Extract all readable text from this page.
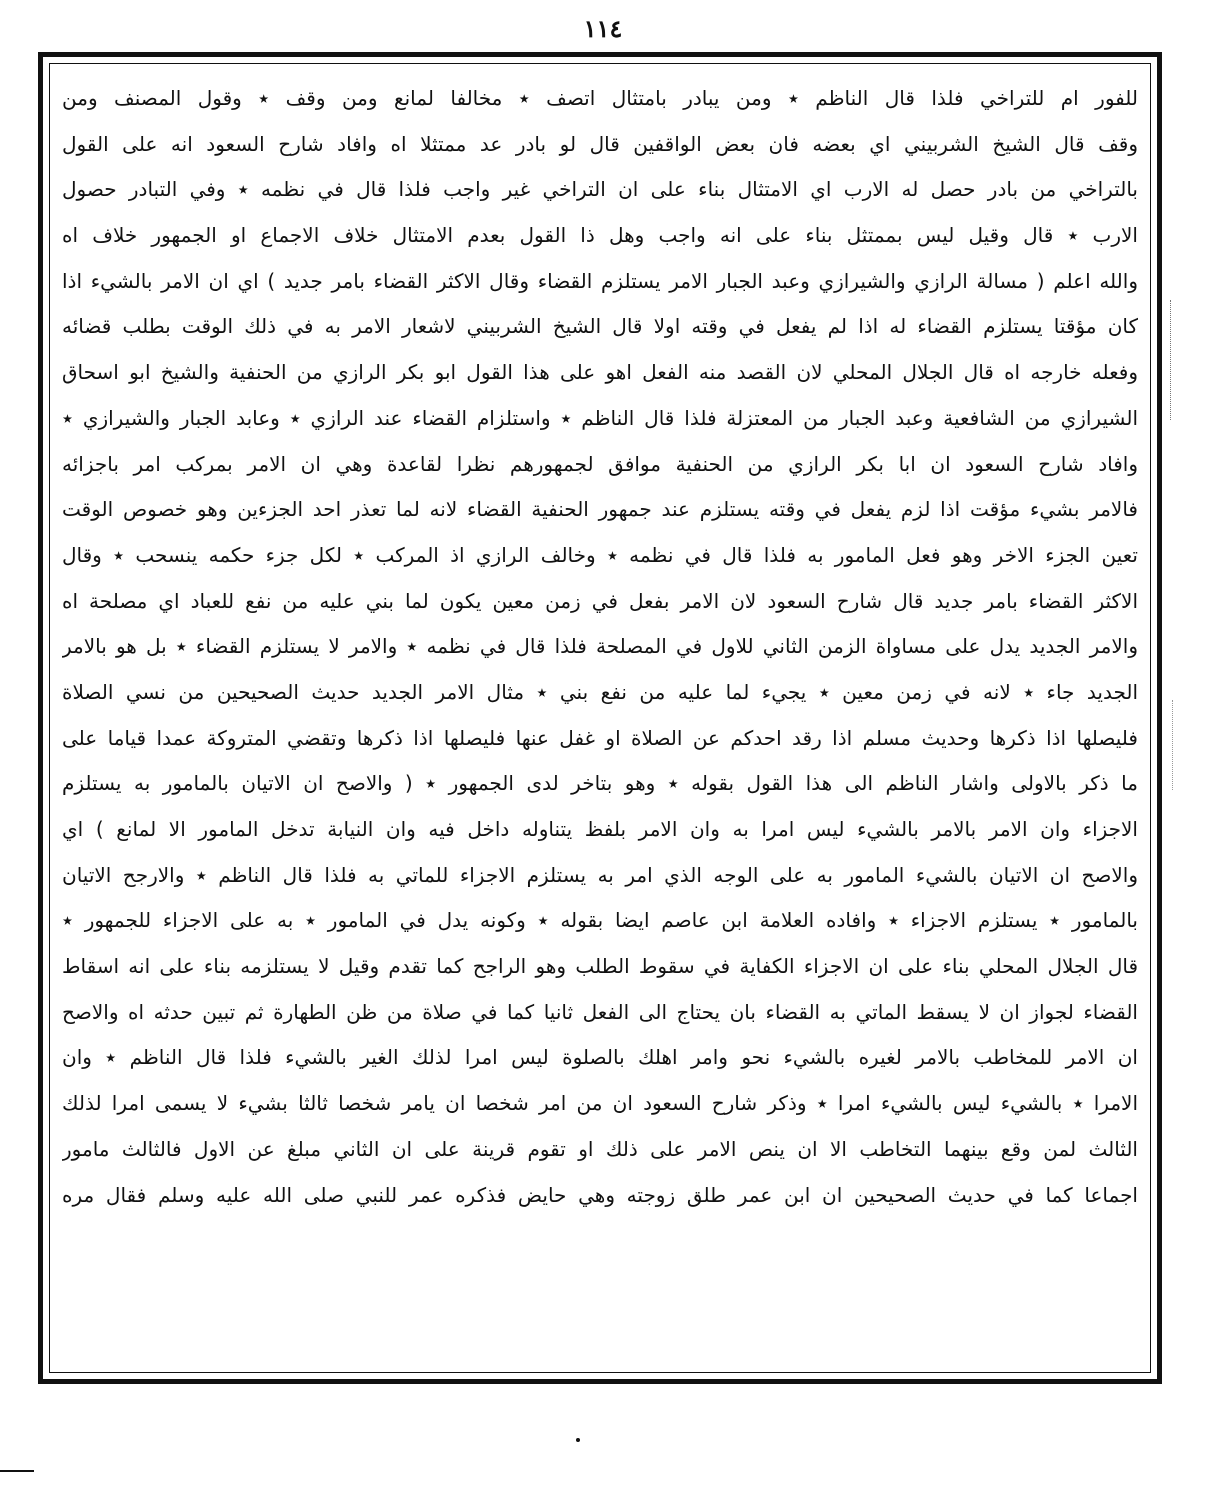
١١٤
للفور ام للتراخي فلذا قال الناظم ٭ ومن يبادر بامتثال اتصف ٭ مخالفا لمانع ومن وقف ٭ وقول المصنف ومن
وقف قال الشيخ الشربيني اي بعضه فان بعض الواقفين قال لو بادر عد ممتثلا اه وافاد شارح السعود انه على القول
بالتراخي من بادر حصل له الارب اي الامتثال بناء على ان التراخي غير واجب فلذا قال في نظمه ٭ وفي التبادر حصول
الارب ٭ قال وقيل ليس بممتثل بناء على انه واجب وهل ذا القول بعدم الامتثال خلاف الاجماع او الجمهور خلاف اه
والله اعلم ( مسالة الرازي والشيرازي وعبد الجبار الامر يستلزم القضاء وقال الاكثر القضاء بامر جديد ) اي ان الامر بالشيء اذا
كان مؤقتا يستلزم القضاء له اذا لم يفعل في وقته اولا قال الشيخ الشربيني لاشعار الامر به في ذلك الوقت بطلب قضائه
وفعله خارجه اه قال الجلال المحلي لان القصد منه الفعل اهو على هذا القول ابو بكر الرازي من الحنفية والشيخ ابو اسحاق
الشيرازي من الشافعية وعبد الجبار من المعتزلة فلذا قال الناظم ٭ واستلزام القضاء عند الرازي ٭ وعابد الجبار والشيرازي ٭
وافاد شارح السعود ان ابا بكر الرازي من الحنفية موافق لجمهورهم نظرا لقاعدة وهي ان الامر بمركب امر باجزائه
فالامر بشيء مؤقت اذا لزم يفعل في وقته يستلزم عند جمهور الحنفية القضاء لانه لما تعذر احد الجزءين وهو خصوص الوقت
تعين الجزء الاخر وهو فعل المامور به فلذا قال في نظمه ٭ وخالف الرازي اذ المركب ٭ لكل جزء حكمه ينسحب ٭ وقال
الاكثر القضاء بامر جديد قال شارح السعود لان الامر بفعل في زمن معين يكون لما بني عليه من نفع للعباد اي مصلحة اه
والامر الجديد يدل على مساواة الزمن الثاني للاول في المصلحة فلذا قال في نظمه ٭ والامر لا يستلزم القضاء ٭ بل هو بالامر
الجديد جاء ٭ لانه في زمن معين ٭ يجيء لما عليه من نفع بني ٭ مثال الامر الجديد حديث الصحيحين من نسي الصلاة
فليصلها اذا ذكرها وحديث مسلم اذا رقد احدكم عن الصلاة او غفل عنها فليصلها اذا ذكرها وتقضي المتروكة عمدا قياما على
ما ذكر بالاولى واشار الناظم الى هذا القول بقوله ٭ وهو بتاخر لدى الجمهور ٭ ( والاصح ان الاتيان بالمامور به يستلزم
الاجزاء وان الامر بالامر بالشيء ليس امرا به وان الامر بلفظ يتناوله داخل فيه وان النيابة تدخل المامور الا لمانع ) اي
والاصح ان الاتيان بالشيء المامور به على الوجه الذي امر به يستلزم الاجزاء للماتي به فلذا قال الناظم ٭ والارجح الاتيان
بالمامور ٭ يستلزم الاجزاء ٭ وافاده العلامة ابن عاصم ايضا بقوله ٭ وكونه يدل في المامور ٭ به على الاجزاء للجمهور ٭
قال الجلال المحلي بناء على ان الاجزاء الكفاية في سقوط الطلب وهو الراجح كما تقدم وقيل لا يستلزمه بناء على انه اسقاط
القضاء لجواز ان لا يسقط الماتي به القضاء بان يحتاج الى الفعل ثانيا كما في صلاة من ظن الطهارة ثم تبين حدثه اه والاصح
ان الامر للمخاطب بالامر لغيره بالشيء نحو وامر اهلك بالصلوة ليس امرا لذلك الغير بالشيء فلذا قال الناظم ٭ وان
الامرا ٭ بالشيء ليس بالشيء امرا ٭ وذكر شارح السعود ان من امر شخصا ان يامر شخصا ثالثا بشيء لا يسمى امرا لذلك
الثالث لمن وقع بينهما التخاطب الا ان ينص الامر على ذلك او تقوم قرينة على ان الثاني مبلغ عن الاول فالثالث مامور
اجماعا كما في حديث الصحيحين ان ابن عمر طلق زوجته وهي حايض فذكره عمر للنبي صلى الله عليه وسلم فقال مره
